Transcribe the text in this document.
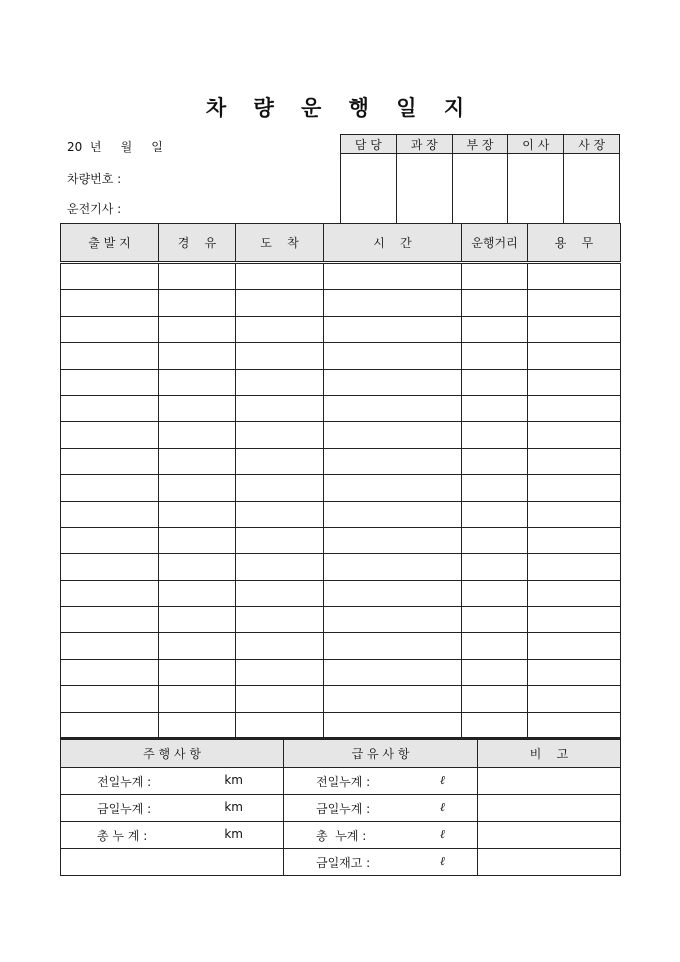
차 량 운 행 일 지
20  년     월     일
차량번호 :
운전기사 :
담 당	과 장	부 장	이 사	사 장

출 발 지	경    유	도    착	시    간	운행거리	용    무

주 행 사 항	급 유 사 항	비    고

전일누계 : km	전일누계 : ℓ	

금일누계 : km	금일누계 : ℓ	

총 누 계 : km	총  누계 : ℓ	

	금일재고 : ℓ	
